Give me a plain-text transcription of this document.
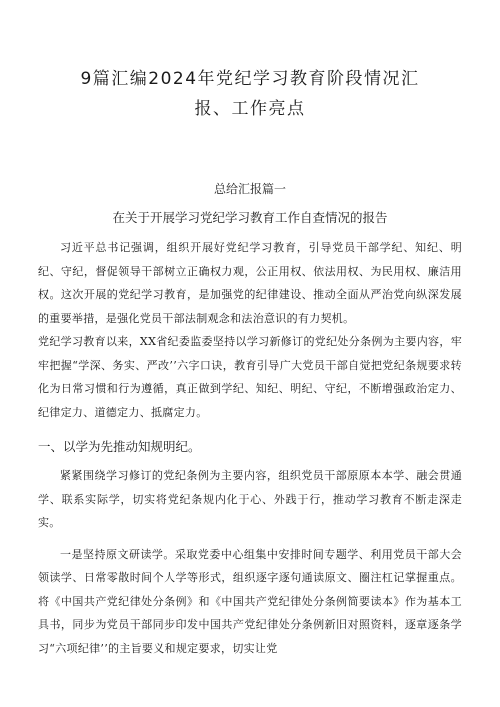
9篇汇编2024年党纪学习教育阶段情况汇报、工作亮点
总给汇报篇一
在关于开展学习党纪学习教育工作自查情况的报告

习近平总书记强调，组织开展好党纪学习教育，引导党员干部学纪、知纪、明纪、守纪，督促领导干部树立正确权力观，公正用权、依法用权、为民用权、廉洁用权。这次开展的党纪学习教育，是加强党的纪律建设、推动全面从严治党向纵深发展的重要举措，是强化党员干部法制观念和法治意识的有力契机。

党纪学习教育以来，XX省纪委监委坚持以学习新修订的党纪处分条例为主要内容，牢牢把握“学深、务实、严改’’六字口诀，教育引导广大党员干部自觉把党纪条规要求转化为日常习惯和行为遵循，真正做到学纪、知纪、明纪、守纪，不断增强政治定力、纪律定力、道德定力、抵腐定力。

一、以学为先推动知规明纪。

紧紧围绕学习修订的党纪条例为主要内容，组织党员干部原原本本学、融会贯通学、联系实际学，切实将党纪条规内化于心、外践于行，推动学习教育不断走深走实。

一是坚持原文研读学。采取党委中心组集中安排时间专题学、利用党员干部大会领读学、日常零散时间个人学等形式，组织逐字逐句通读原文、圈注杠记掌握重点。将《中国共产党纪律处分条例》和《中国共产党纪律处分条例简要读本》作为基本工具书，同步为党员干部同步印发中国共产党纪律处分条例新旧对照资料，逐章逐条学习“六项纪律’’的主旨要义和规定要求，切实让党
